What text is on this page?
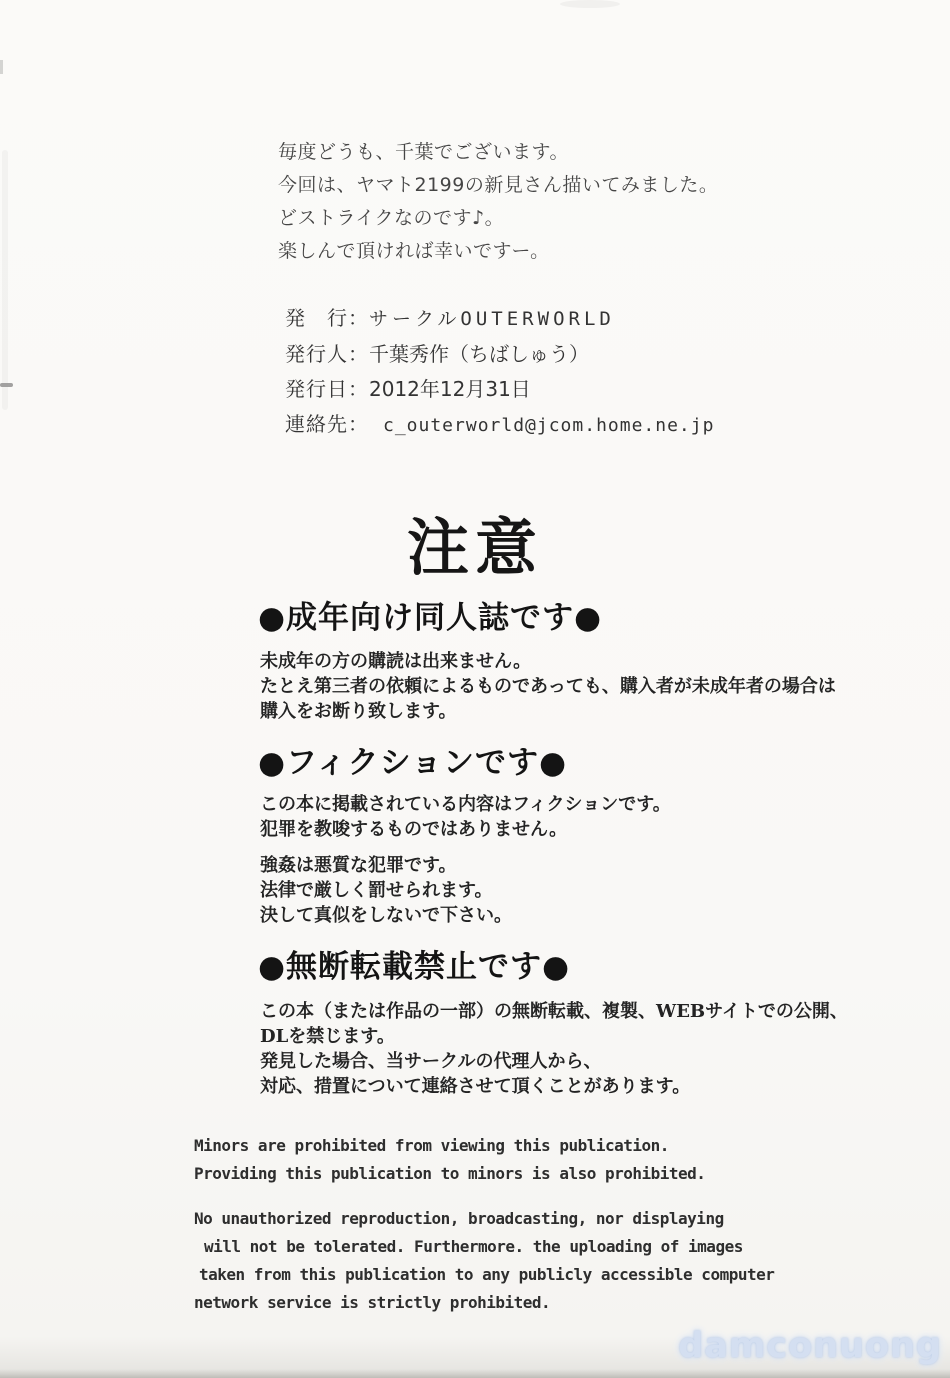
毎度どうも、千葉でございます。

今回は、ヤマト2199の新見さん描いてみました。

どストライクなのです♪。

楽しんで頂ければ幸いですー。

発　行：サークルOUTERWORLD

発行人：千葉秀作（ちばしゅう）

発行日：2012年12月31日

連絡先： c_outerworld@jcom.home.ne.jp

注意
●成年向け同人誌です●

未成年の方の購読は出来ません。

たとえ第三者の依頼によるものであっても、購入者が未成年者の場合は

購入をお断り致します。

●フィクションです●

この本に掲載されている内容はフィクションです。

犯罪を教唆するものではありません。

強姦は悪質な犯罪です。

法律で厳しく罰せられます。

決して真似をしないで下さい。

●無断転載禁止です●

この本（または作品の一部）の無断転載、複製、WEBサイトでの公開、

DLを禁じます。

発見した場合、当サークルの代理人から、

対応、措置について連絡させて頂くことがあります。

Minors are prohibited from viewing this publication.

Providing this publication to minors is also prohibited.

No unauthorized reproduction, broadcasting, nor displaying

will not be tolerated. Furthermore. the uploading of images

taken from this publication to any publicly accessible computer

network service is strictly prohibited.

damconuong
